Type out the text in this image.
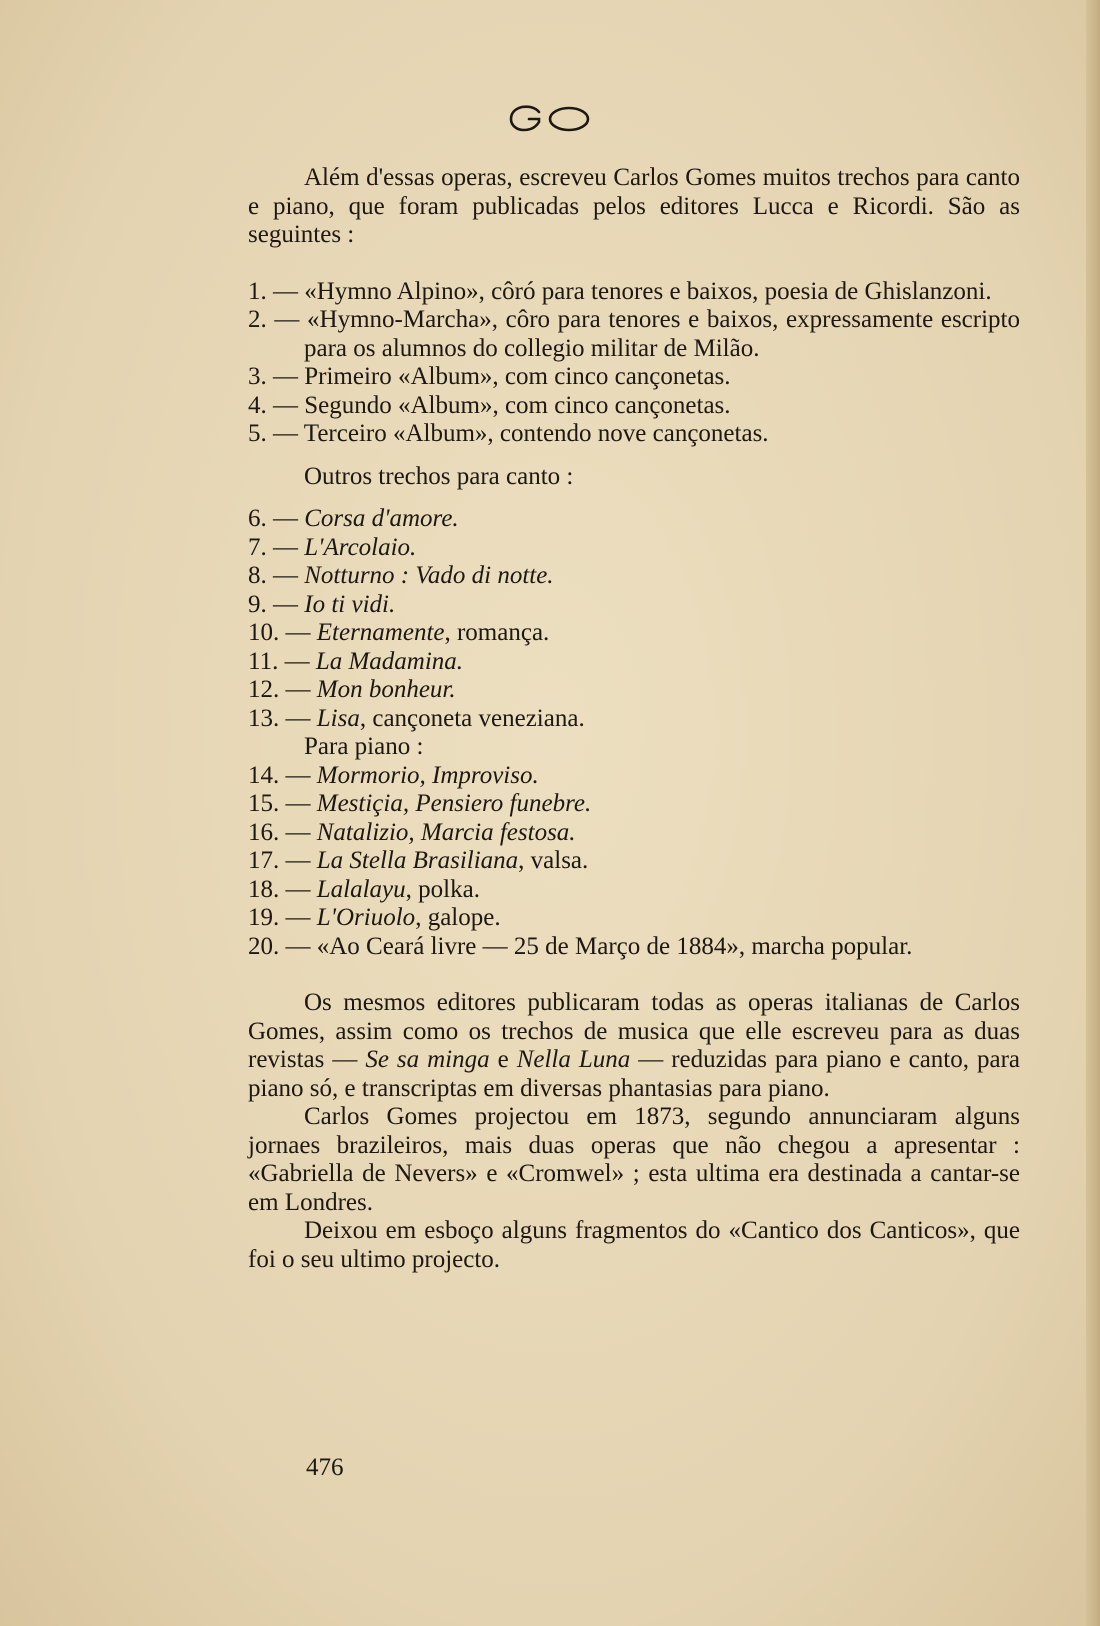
Além d'essas operas, escreveu Carlos Gomes muitos trechos para canto e piano, que foram publicadas pelos editores Lucca e Ricordi. São as seguintes :

1. — «Hymno Alpino», côró para tenores e baixos, poesia de Ghislanzoni.

2. — «Hymno-Marcha», côro para tenores e baixos, expressamente escripto para os alumnos do collegio militar de Milão.

3. — Primeiro «Album», com cinco cançonetas.

4. — Segundo «Album», com cinco cançonetas.

5. — Terceiro «Album», contendo nove cançonetas.

Outros trechos para canto :

6. — Corsa d'amore.

7. — L'Arcolaio.

8. — Notturno : Vado di notte.

9. — Io ti vidi.

10. — Eternamente, romança.

11. — La Madamina.

12. — Mon bonheur.

13. — Lisa, cançoneta veneziana.

Para piano :

14. — Mormorio, Improviso.

15. — Mestiçia, Pensiero funebre.

16. — Natalizio, Marcia festosa.

17. — La Stella Brasiliana, valsa.

18. — Lalalayu, polka.

19. — L'Oriuolo, galope.

20. — «Ao Ceará livre — 25 de Março de 1884», marcha popular.

Os mesmos editores publicaram todas as operas italianas de Carlos Gomes, assim como os trechos de musica que elle escreveu para as duas revistas — Se sa minga e Nella Luna — reduzidas para piano e canto, para piano só, e transcriptas em diversas phantasias para piano.

Carlos Gomes projectou em 1873, segundo annunciaram alguns jornaes brazileiros, mais duas operas que não chegou a apresentar : «Gabriella de Nevers» e «Cromwel» ; esta ultima era destinada a cantar-se em Londres.

Deixou em esboço alguns fragmentos do «Cantico dos Canticos», que foi o seu ultimo projecto.

476
